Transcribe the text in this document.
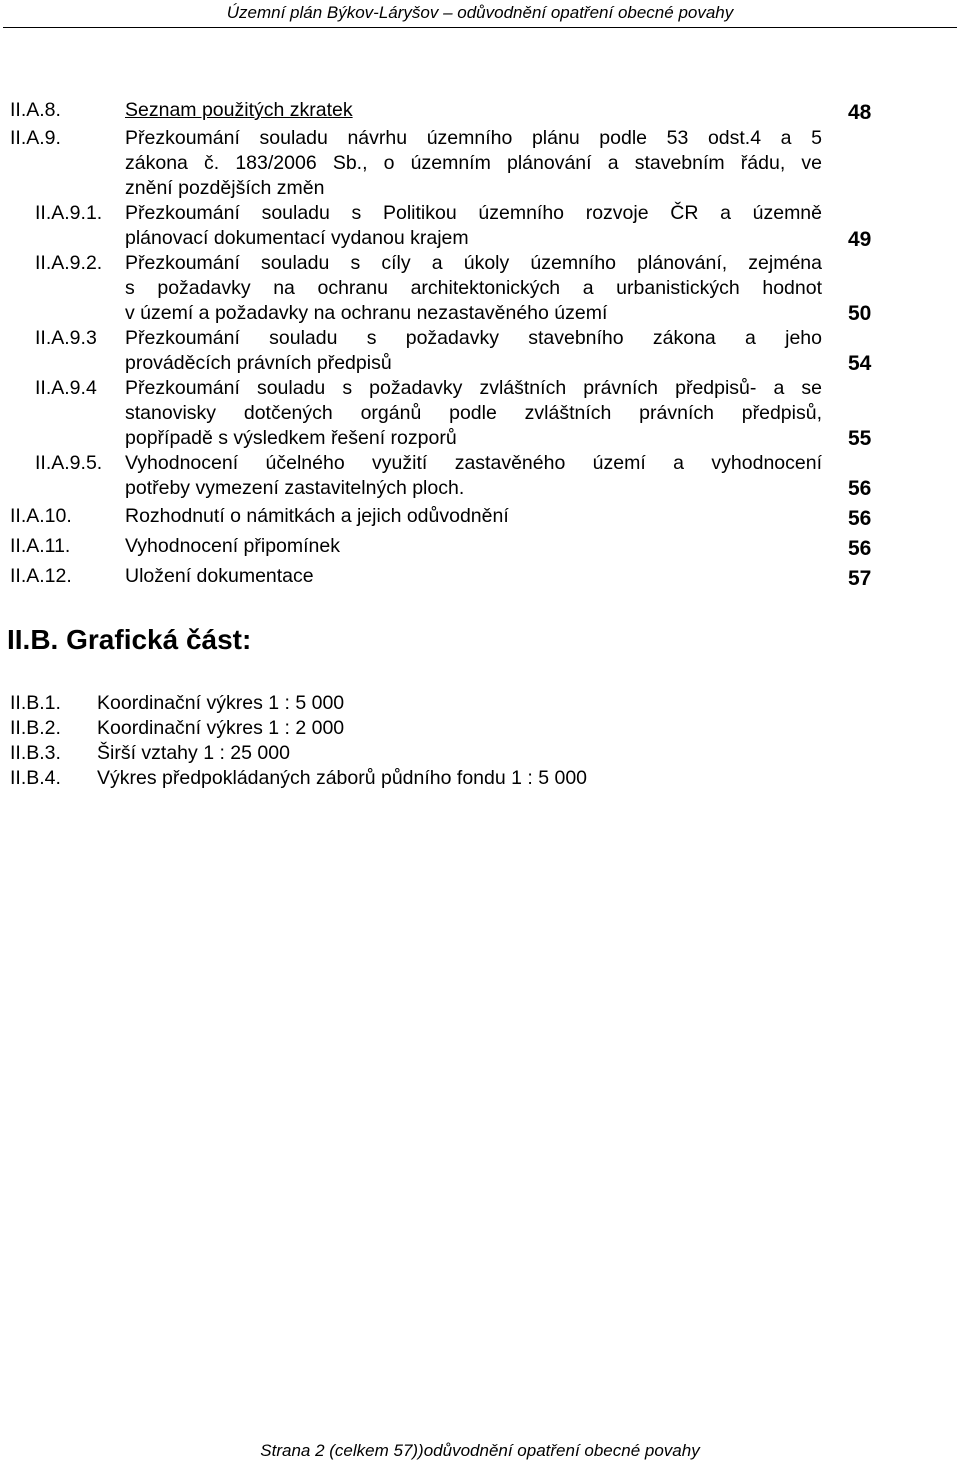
Územní plán Býkov-Láryšov – odůvodnění opatření obecné povahy
II.A.8.	Seznam použitých zkratek	48
II.A.9.	Přezkoumání souladu návrhu územního plánu podle 53 odst.4 a 5
zákona č. 183/2006 Sb., o územním plánování a stavebním řádu, ve
znění pozdějších změn
II.A.9.1. Přezkoumání souladu s Politikou územního rozvoje ČR a územně
plánovací dokumentací vydanou krajem	49
II.A.9.2. Přezkoumání souladu s cíly a úkoly územního plánování, zejména
s požadavky na ochranu architektonických a urbanistických hodnot
v území a požadavky na ochranu nezastavěného území	50
II.A.9.3 Přezkoumání souladu s požadavky stavebního zákona a jeho
prováděcích právních předpisů	54
II.A.9.4 Přezkoumání souladu s požadavky zvláštních právních předpisů- a se
stanovisky dotčených orgánů podle zvláštních právních předpisů,
popřípadě s výsledkem řešení rozporů	55
II.A.9.5. Vyhodnocení účelného využití zastavěného území a vyhodnocení
potřeby vymezení zastavitelných ploch.	56
II.A.10.	Rozhodnutí o námitkách a jejich odůvodnění	56
II.A.11.	Vyhodnocení připomínek	56
II.A.12.	Uložení dokumentace	57
II.B. Grafická část:
II.B.1. Koordinační výkres 1 : 5 000
II.B.2. Koordinační výkres 1 : 2 000
II.B.3. Širší vztahy 1 : 25 000
II.B.4. Výkres předpokládaných záborů půdního fondu 1 : 5 000
Strana 2 (celkem 57))odůvodnění opatření obecné povahy
